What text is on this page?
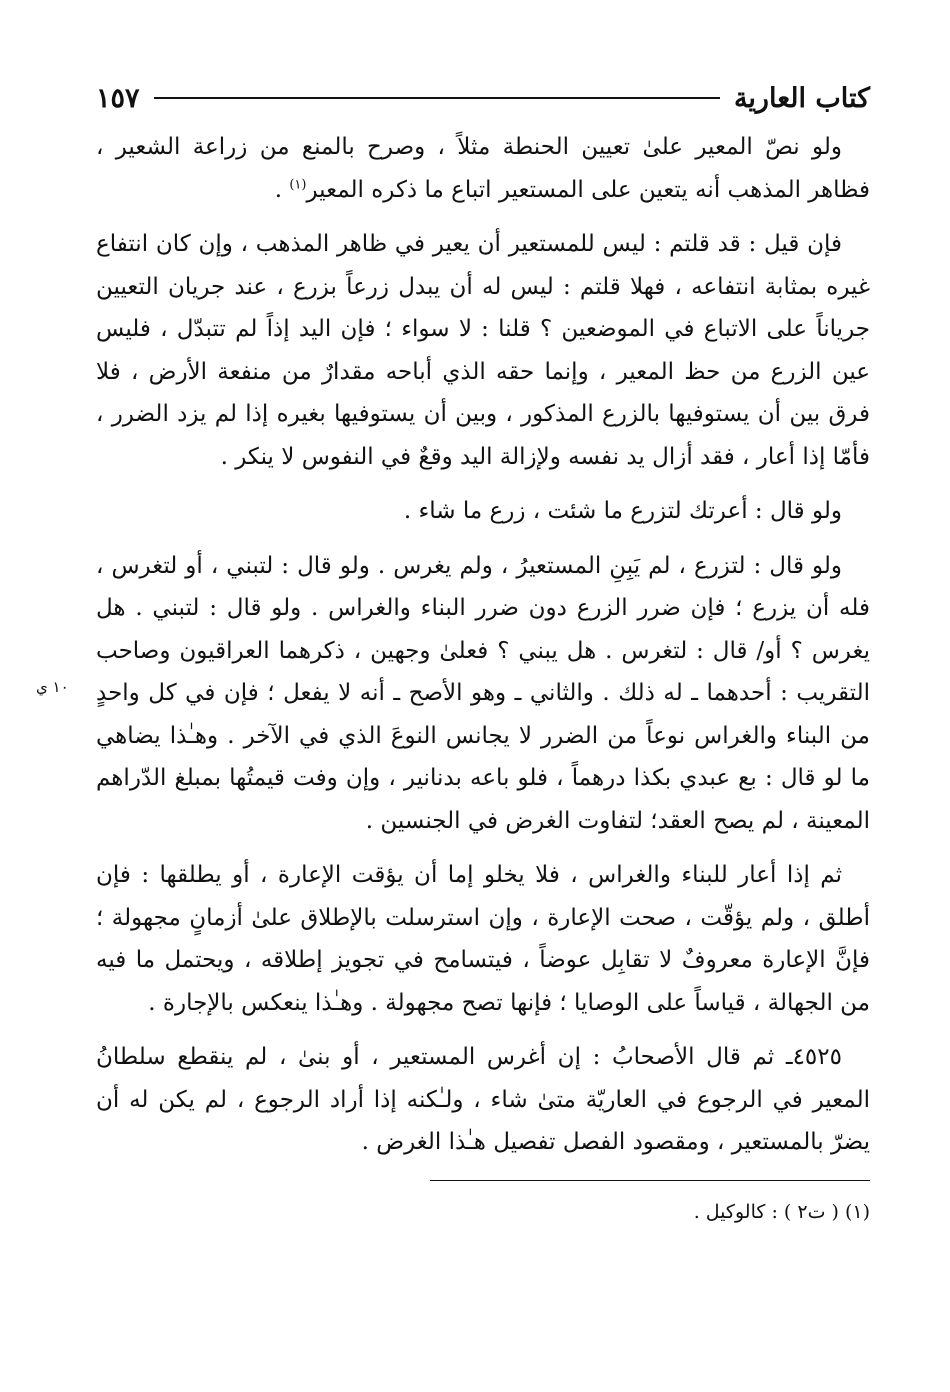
كتاب العارية
١٥٧

ولو نصّ المعير علىٰ تعيين الحنطة مثلاً ، وصرح بالمنع من زراعة الشعير ، فظاهر المذهب أنه يتعين على المستعير اتباع ما ذكره المعير$^{(١)}$ .

فإن قيل : قد قلتم : ليس للمستعير أن يعير في ظاهر المذهب ، وإن كان انتفاع غيره بمثابة انتفاعه ، فهلا قلتم : ليس له أن يبدل زرعاً بزرع ، عند جريان التعيين جرياناً على الاتباع في الموضعين ؟ قلنا : لا سواء ؛ فإن اليد إذاً لم تتبدّل ، فليس عين الزرع من حظ المعير ، وإنما حقه الذي أباحه مقدارٌ من منفعة الأرض ، فلا فرق بين أن يستوفيها بالزرع المذكور ، وبين أن يستوفيها بغيره إذا لم يزد الضرر ، فأمّا إذا أعار ، فقد أزال يد نفسه ولإزالة اليد وقعٌ في النفوس لا ينكر .

ولو قال : أعرتك لتزرع ما شئت ، زرع ما شاء .

ولو قال : لتزرع ، لم يَبِنِ المستعيرُ ، ولم يغرس . ولو قال : لتبني ، أو لتغرس ، فله أن يزرع ؛ فإن ضرر الزرع دون ضرر البناء والغراس . ولو قال : لتبني . هل يغرس ؟ أو/ قال : لتغرس . هل يبني ؟ فعلىٰ وجهين ، ذكرهما العراقيون وصاحب التقريب : أحدهما ـ له ذلك . والثاني ـ وهو الأصح ـ أنه لا يفعل ؛ فإن في كل واحدٍ من البناء والغراس نوعاً من الضرر لا يجانس النوعَ الذي في الآخر . وهـٰذا يضاهي ما لو قال : بع عبدي بكذا درهماً ، فلو باعه بدنانير ، وإن وفت قيمتُها بمبلغ الدّراهم المعينة ، لم يصح العقد؛ لتفاوت الغرض في الجنسين .

ثم إذا أعار للبناء والغراس ، فلا يخلو إما أن يؤقت الإعارة ، أو يطلقها : فإن أطلق ، ولم يؤقّت ، صحت الإعارة ، وإن استرسلت بالإطلاق علىٰ أزمانٍ مجهولة ؛ فإنَّ الإعارة معروفٌ لا تقابِل عوضاً ، فيتسامح في تجويز إطلاقه ، ويحتمل ما فيه من الجهالة ، قياساً على الوصايا ؛ فإنها تصح مجهولة . وهـٰذا ينعكس بالإجارة .

٤٥٢٥ـ ثم قال الأصحابُ : إن أغرس المستعير ، أو بنىٰ ، لم ينقطع سلطانُ المعير في الرجوع في العاريّة متىٰ شاء ، ولـٰكنه إذا أراد الرجوع ، لم يكن له أن يضرّ بالمستعير ، ومقصود الفصل تفصيل هـٰذا الغرض .

(١) ( ت٢ ) : كالوكيل .
١٠ ي
